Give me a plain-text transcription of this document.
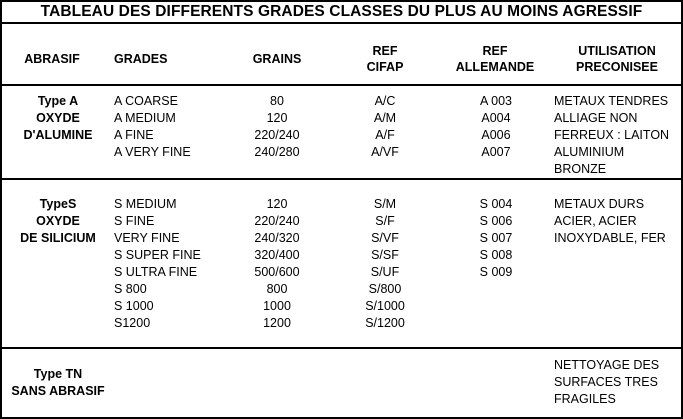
TABLEAU DES DIFFERENTS GRADES CLASSES DU PLUS AU MOINS AGRESSIF
ABRASIF	GRADES	GRAINS
REF
CIFAP
REF
ALLEMANDE
UTILISATION
PRECONISEE
Type A
OXYDE
D'ALUMINE
A COARSE
A MEDIUM
A FINE
A VERY FINE
80
120
220/240
240/280
A/C
A/M
A/F
A/VF
A 003
A004
A006
A007
METAUX TENDRES
ALLIAGE NON
FERREUX : LAITON
ALUMINIUM
BRONZE
TypeS
OXYDE
DE SILICIUM
S MEDIUM
S FINE
VERY FINE
S SUPER FINE
S ULTRA FINE
S 800
S 1000
S1200
120
220/240
240/320
320/400
500/600
800
1000
1200
S/M
S/F
S/VF
S/SF
S/UF
S/800
S/1000
S/1200
S 004
S 006
S 007
S 008
S 009
METAUX DURS
ACIER, ACIER
INOXYDABLE, FER
Type TN
SANS ABRASIF
NETTOYAGE DES
SURFACES TRES
FRAGILES
